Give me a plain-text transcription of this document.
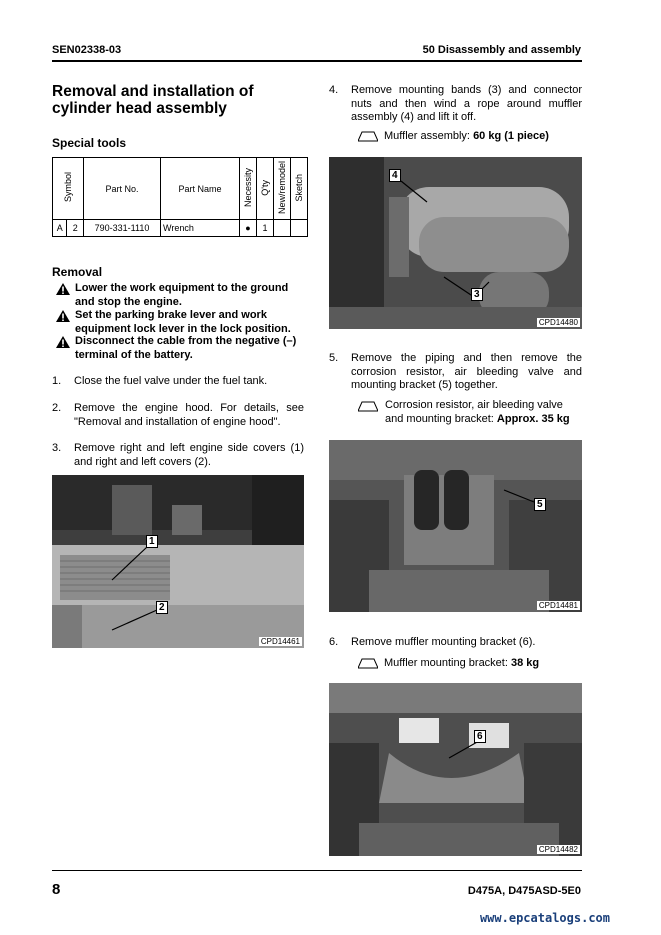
SEN02338-03	50 Disassembly and assembly
Removal and installation of cylinder head assembly
Special tools
Symbol		Part No.	Part Name	Necessity	Q'ty	New/remodel	Sketch
A	2	790-331-1110	Wrench	●	1		
Removal
Lower the work equipment to the ground and stop the engine.
Set the parking brake lever and work equipment lock lever in the lock position.
Disconnect the cable from the negative (–) terminal of the battery.
1. Close the fuel valve under the fuel tank.
2. Remove the engine hood. For details, see "Removal and installation of engine hood".
3. Remove right and left engine side covers (1) and right and left covers (2).
1
2
CPD14461
4. Remove mounting bands (3) and connector nuts and then wind a rope around muffler assembly (4) and lift it off.
Muffler assembly: 60 kg (1 piece)
4
3
CPD14480
5. Remove the piping and then remove the corrosion resistor, air bleeding valve and mounting bracket (5) together.
Corrosion resistor, air bleeding valve and mounting bracket: Approx. 35 kg
5
CPD14481
6. Remove muffler mounting bracket (6).
Muffler mounting bracket: 38 kg
6
CPD14482
8	D475A, D475ASD-5E0
www.epcatalogs.com
